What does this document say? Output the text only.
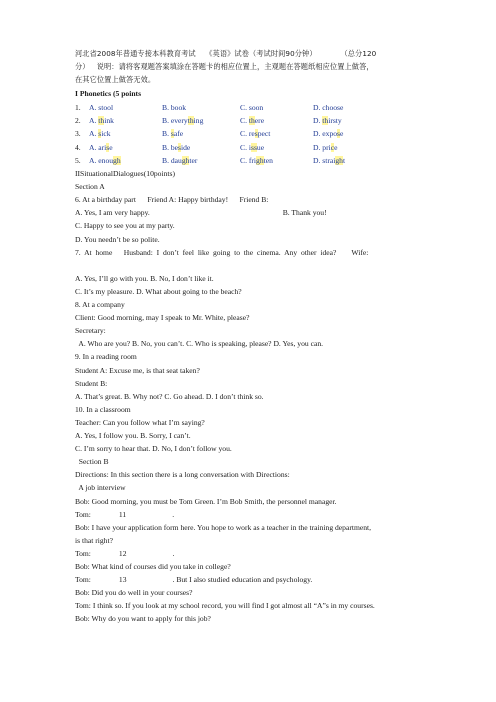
河北省2008年普通专接本科教育考试    《英语》试卷（考试时间90分钟）          （总分120
分）   说明：请将客观题答案填涂在答题卡的相应位置上，主观题在答题纸相应位置上做答，
在其它位置上做答无效。
I Phonetics (5 points
1. A. stool	B. book	C. soon	D. choose
2. A. think	B. everything	C. there	D. thirsty
3. A. sick	B. safe	C. respect	D. expose
4. A. arise	B. beside	C. issue	D. price
5. A. enough	B. daughter	C. frighten	D. straight
IISituationalDialogues(10points)
Section A
6. At a birthday part      Friend A: Happy birthday!      Friend B:
A. Yes, I am very happy.                                                                      B. Thank you!
C. Happy to see you at my party.
D. You needn’t be so polite.
7.  At  home      Husband:  I  don’t  feel  like  going  to  the  cinema.  Any  other  idea?        Wife:
A. Yes, I’ll go with you. B. No, I don’t like it.
C. It’s my pleasure. D. What about going to the beach?
8. At a company
Client: Good morning, may I speak to Mr. White, please?
Secretary:
A. Who are you? B. No, you can’t. C. Who is speaking, please? D. Yes, you can.
9. In a reading room
Student A: Excuse me, is that seat taken?
Student B:
A. That’s great. B. Why not? C. Go ahead. D. I don’t think so.
10. In a classroom
Teacher: Can you follow what I’m saying?
A. Yes, I follow you. B. Sorry, I can’t.
C. I’m sorry to hear that. D. No, I don’t follow you.
Section B
Directions: In this section there is a long conversation with Directions:
A job interview
Bob: Good morning, you must be Tom Green. I’m Bob Smith, the personnel manager.
Tom:	11	.
Bob: I have your application form here. You hope to work as a teacher in the training department,
is that right?
Tom:	12	.
Bob: What kind of courses did you take in college?
Tom:	13	. But I also studied education and psychology.
Bob: Did you do well in your courses?
Tom: I think so. If you look at my school record, you will find I got almost all “A”s in my courses.
Bob: Why do you want to apply for this job?
